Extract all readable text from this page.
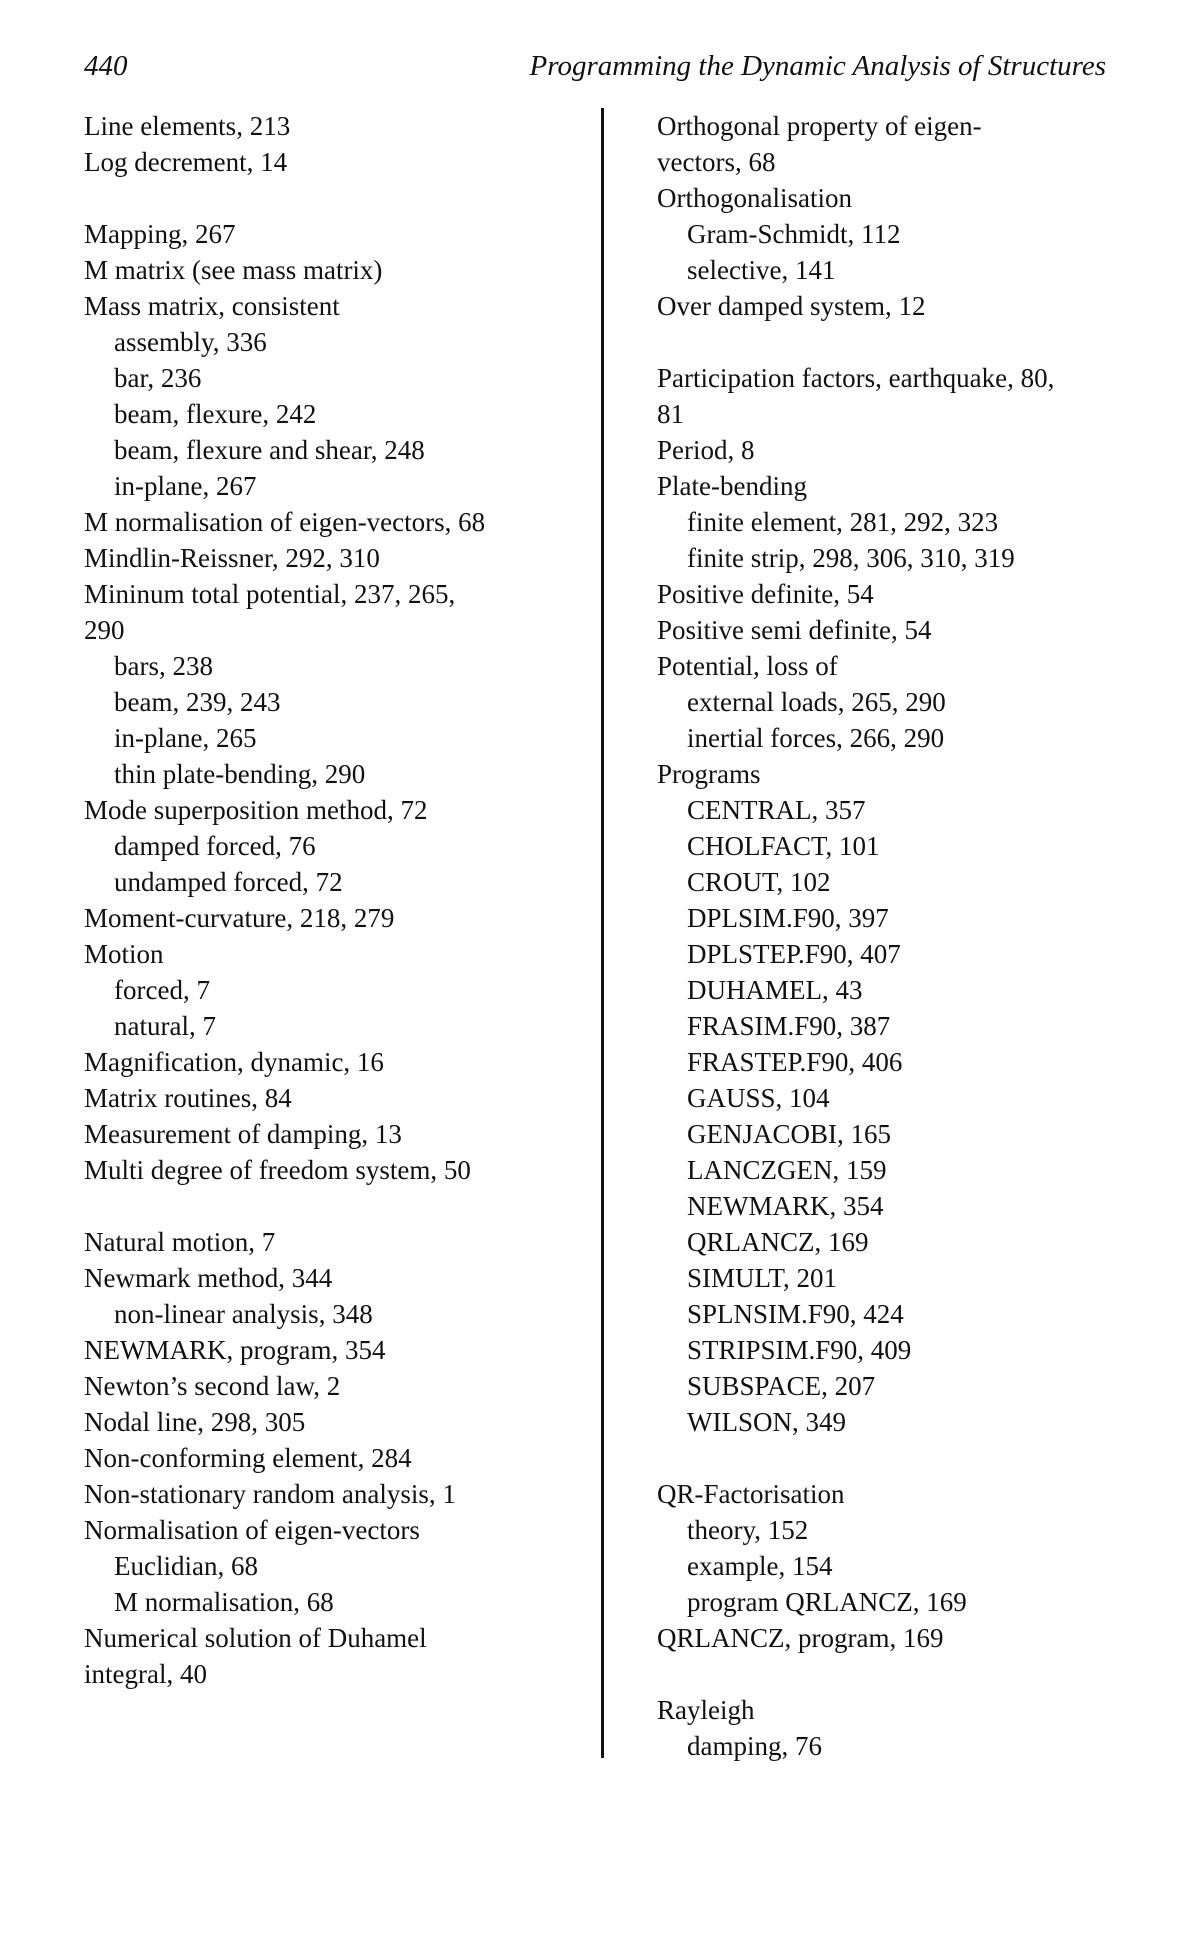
440	Programming the Dynamic Analysis of Structures
Line elements, 213
Log decrement, 14
Mapping, 267
M matrix (see mass matrix)
Mass matrix, consistent
assembly, 336
bar, 236
beam, flexure, 242
beam, flexure and shear, 248
in-plane, 267
M normalisation of eigen-vectors, 68
Mindlin-Reissner, 292, 310
Mininum total potential, 237, 265,
290
bars, 238
beam, 239, 243
in-plane, 265
thin plate-bending, 290
Mode superposition method, 72
damped forced, 76
undamped forced, 72
Moment-curvature, 218, 279
Motion
forced, 7
natural, 7
Magnification, dynamic, 16
Matrix routines, 84
Measurement of damping, 13
Multi degree of freedom system, 50
Natural motion, 7
Newmark method, 344
non-linear analysis, 348
NEWMARK, program, 354
Newton’s second law, 2
Nodal line, 298, 305
Non-conforming element, 284
Non-stationary random analysis, 1
Normalisation of eigen-vectors
Euclidian, 68
M normalisation, 68
Numerical solution of Duhamel
integral, 40
Orthogonal property of eigen-
vectors, 68
Orthogonalisation
Gram-Schmidt, 112
selective, 141
Over damped system, 12
Participation factors, earthquake, 80,
81
Period, 8
Plate-bending
finite element, 281, 292, 323
finite strip, 298, 306, 310, 319
Positive definite, 54
Positive semi definite, 54
Potential, loss of
external loads, 265, 290
inertial forces, 266, 290
Programs
CENTRAL, 357
CHOLFACT, 101
CROUT, 102
DPLSIM.F90, 397
DPLSTEP.F90, 407
DUHAMEL, 43
FRASIM.F90, 387
FRASTEP.F90, 406
GAUSS, 104
GENJACOBI, 165
LANCZGEN, 159
NEWMARK, 354
QRLANCZ, 169
SIMULT, 201
SPLNSIM.F90, 424
STRIPSIM.F90, 409
SUBSPACE, 207
WILSON, 349
QR-Factorisation
theory, 152
example, 154
program QRLANCZ, 169
QRLANCZ, program, 169
Rayleigh
damping, 76
